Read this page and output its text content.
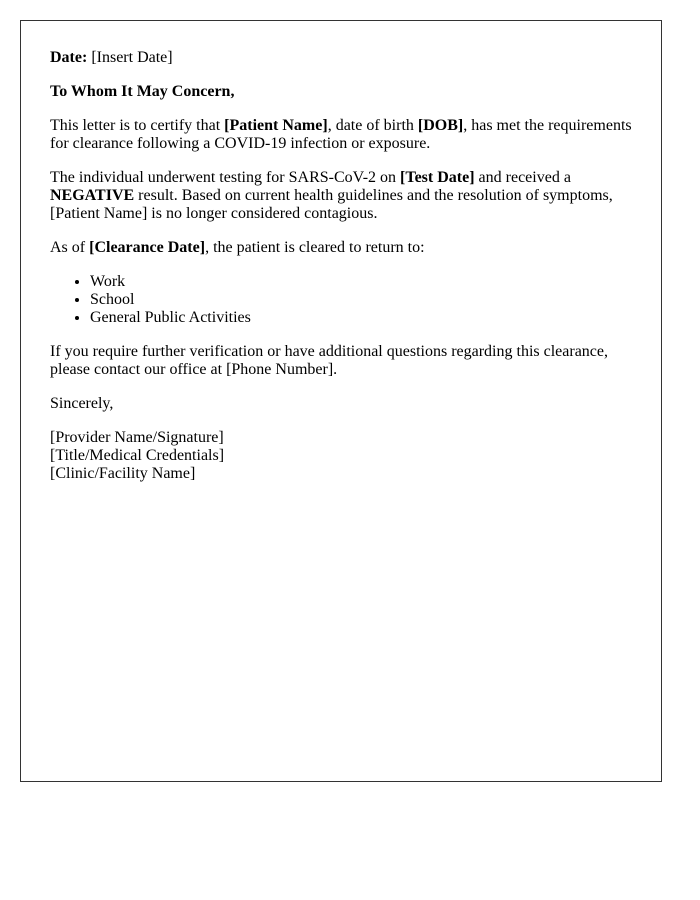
Date: [Insert Date]

To Whom It May Concern,

This letter is to certify that [Patient Name], date of birth [DOB], has met the requirements for clearance following a COVID-19 infection or exposure.

The individual underwent testing for SARS-CoV-2 on [Test Date] and received a NEGATIVE result. Based on current health guidelines and the resolution of symptoms, [Patient Name] is no longer considered contagious.

As of [Clearance Date], the patient is cleared to return to:

• Work
• School
• General Public Activities

If you require further verification or have additional questions regarding this clearance, please contact our office at [Phone Number].

Sincerely,

[Provider Name/Signature]
[Title/Medical Credentials]
[Clinic/Facility Name]
